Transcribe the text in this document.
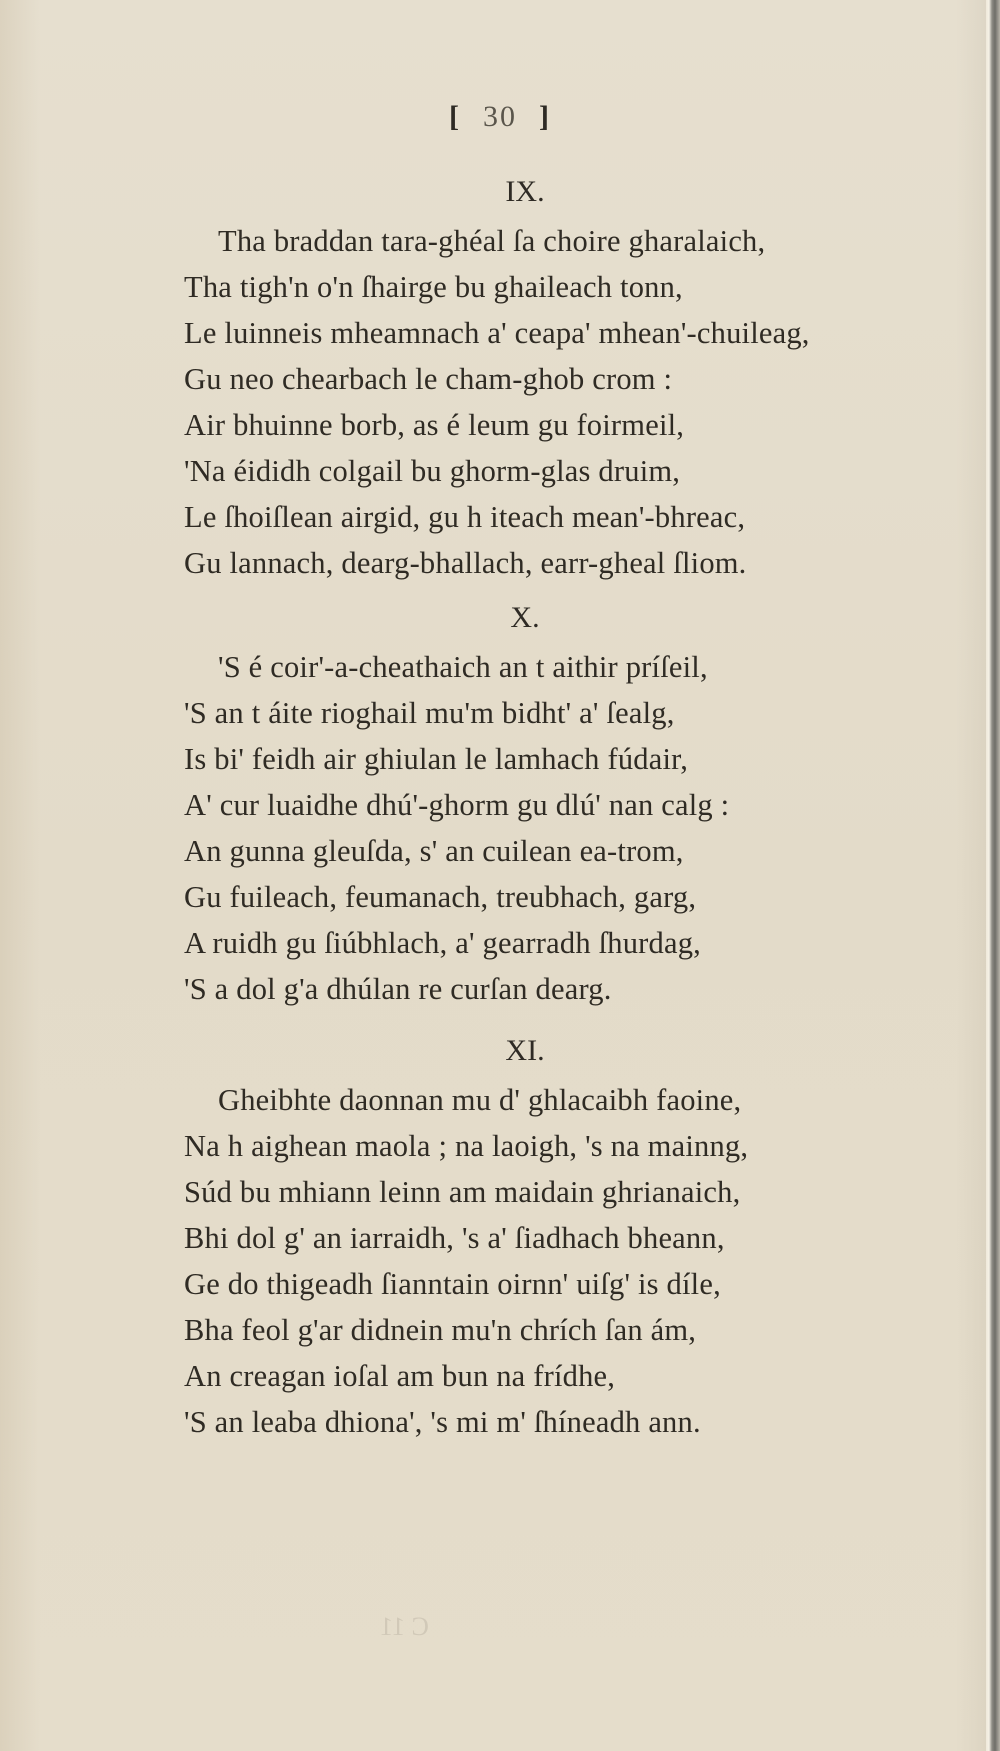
[ 30 ]
IX.
Tha braddan tara-ghéal ſa choire gharalaich,
Tha tigh'n o'n ſhairge bu ghaileach tonn,
Le luinneis mheamnach a' ceapa' mhean'-chuileag,
Gu neo chearbach le cham-ghob crom :
Air bhuinne borb, as é leum gu foirmeil,
'Na éididh colgail bu ghorm-glas druim,
Le ſhoiſlean airgid, gu h iteach mean'-bhreac,
Gu lannach, dearg-bhallach, earr-gheal ſliom.
X.
'S é coir'-a-cheathaich an t aithir príſeil,
'S an t áite rioghail mu'm bidht' a' ſealg,
Is bi' feidh air ghiulan le lamhach fúdair,
A' cur luaidhe dhú'-ghorm gu dlú' nan calg :
An gunna gleuſda, s' an cuilean ea-trom,
Gu fuileach, feumanach, treubhach, garg,
A ruidh gu ſiúbhlach, a' gearradh ſhurdag,
'S a dol g'a dhúlan re curſan dearg.
XI.
Gheibhte daonnan mu d' ghlacaibh faoine,
Na h aighean maola ; na laoigh, 's na mainng,
Súd bu mhiann leinn am maidain ghrianaich,
Bhi dol g' an iarraidh, 's a' ſiadhach bheann,
Ge do thigeadh ſianntain oirnn' uiſg' is díle,
Bha feol g'ar didnein mu'n chrích ſan ám,
An creagan ioſal am bun na frídhe,
'S an leaba dhiona', 's mi m' ſhíneadh ann.
C 11
